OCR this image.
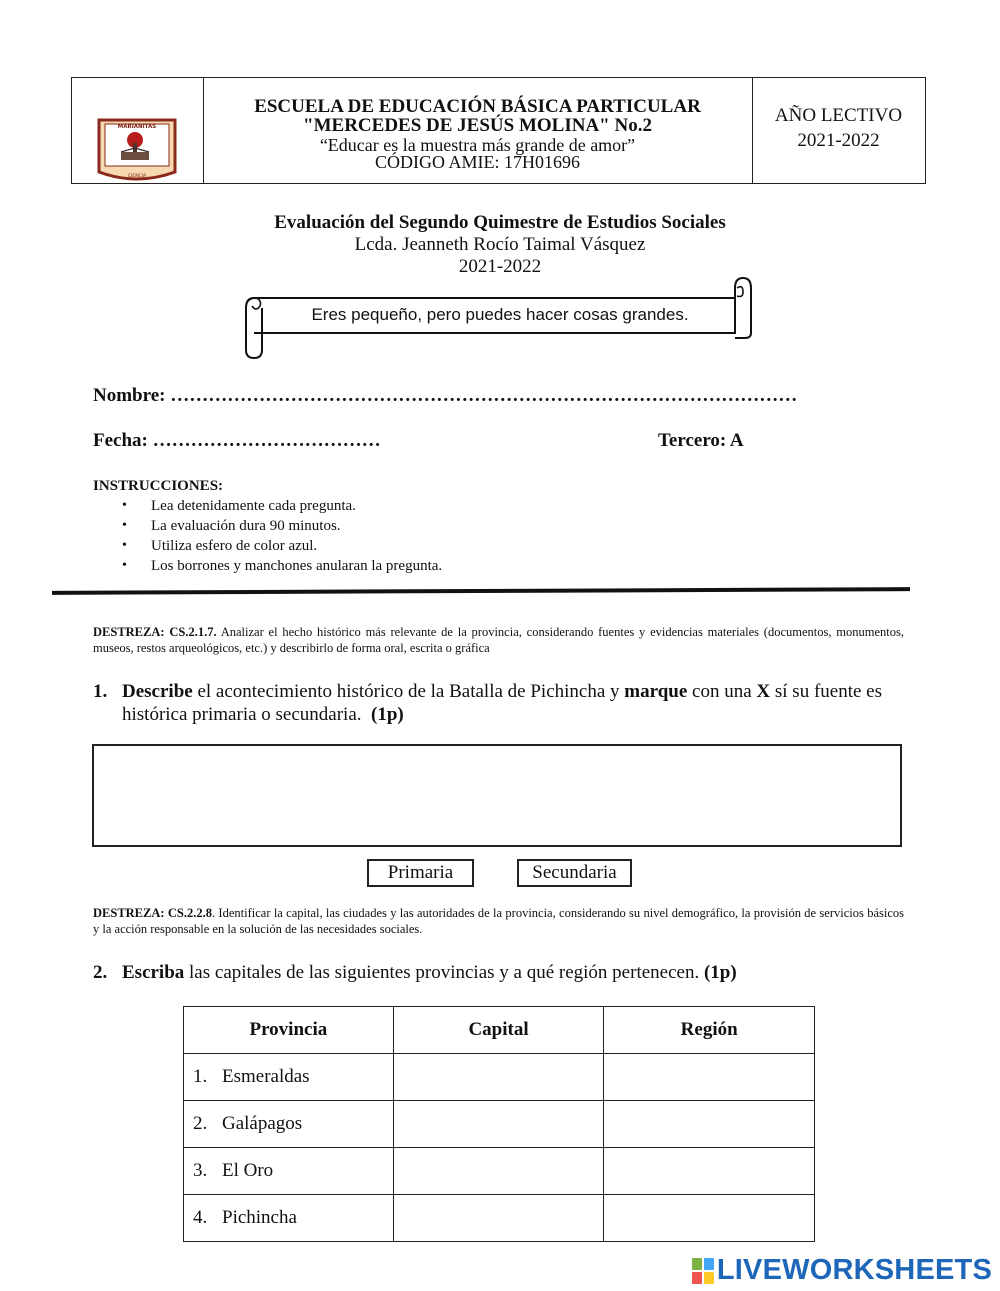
MARIANITAS
CIENCIA
ESCUELA DE EDUCACIÓN BÁSICA PARTICULAR
"MERCEDES DE JESÚS MOLINA" No.2
“Educar es la muestra más grande de amor”
CÓDIGO AMIE: 17H01696
AÑO LECTIVO
2021-2022
Evaluación del Segundo Quimestre de Estudios Sociales
Lcda. Jeanneth Rocío Taimal Vásquez
2021-2022
Eres pequeño, pero puedes hacer cosas grandes.
Nombre: ………………………………………………………………………………………
Fecha: ………………………………	Tercero: A
INSTRUCCIONES:
• Lea detenidamente cada pregunta.
• La evaluación dura 90 minutos.
• Utiliza esfero de color azul.
• Los borrones y manchones anularan la pregunta.
DESTREZA: CS.2.1.7. Analizar el hecho histórico más relevante de la provincia, considerando fuentes y evidencias materiales (documentos, monumentos, museos, restos arqueológicos, etc.) y describirlo de forma oral, escrita o gráfica
1. Describe el acontecimiento histórico de la Batalla de Pichincha y marque con una X sí su fuente es histórica primaria o secundaria. (1p)
Primaria	Secundaria
DESTREZA: CS.2.2.8. Identificar la capital, las ciudades y las autoridades de la provincia, considerando su nivel demográfico, la provisión de servicios básicos y la acción responsable en la solución de las necesidades sociales.
2. Escriba las capitales de las siguientes provincias y a qué región pertenecen. (1p)
Provincia	Capital	Región
1. Esmeraldas		
2. Galápagos		
3. El Oro		
4. Pichincha		
LIVEWORKSHEETS
